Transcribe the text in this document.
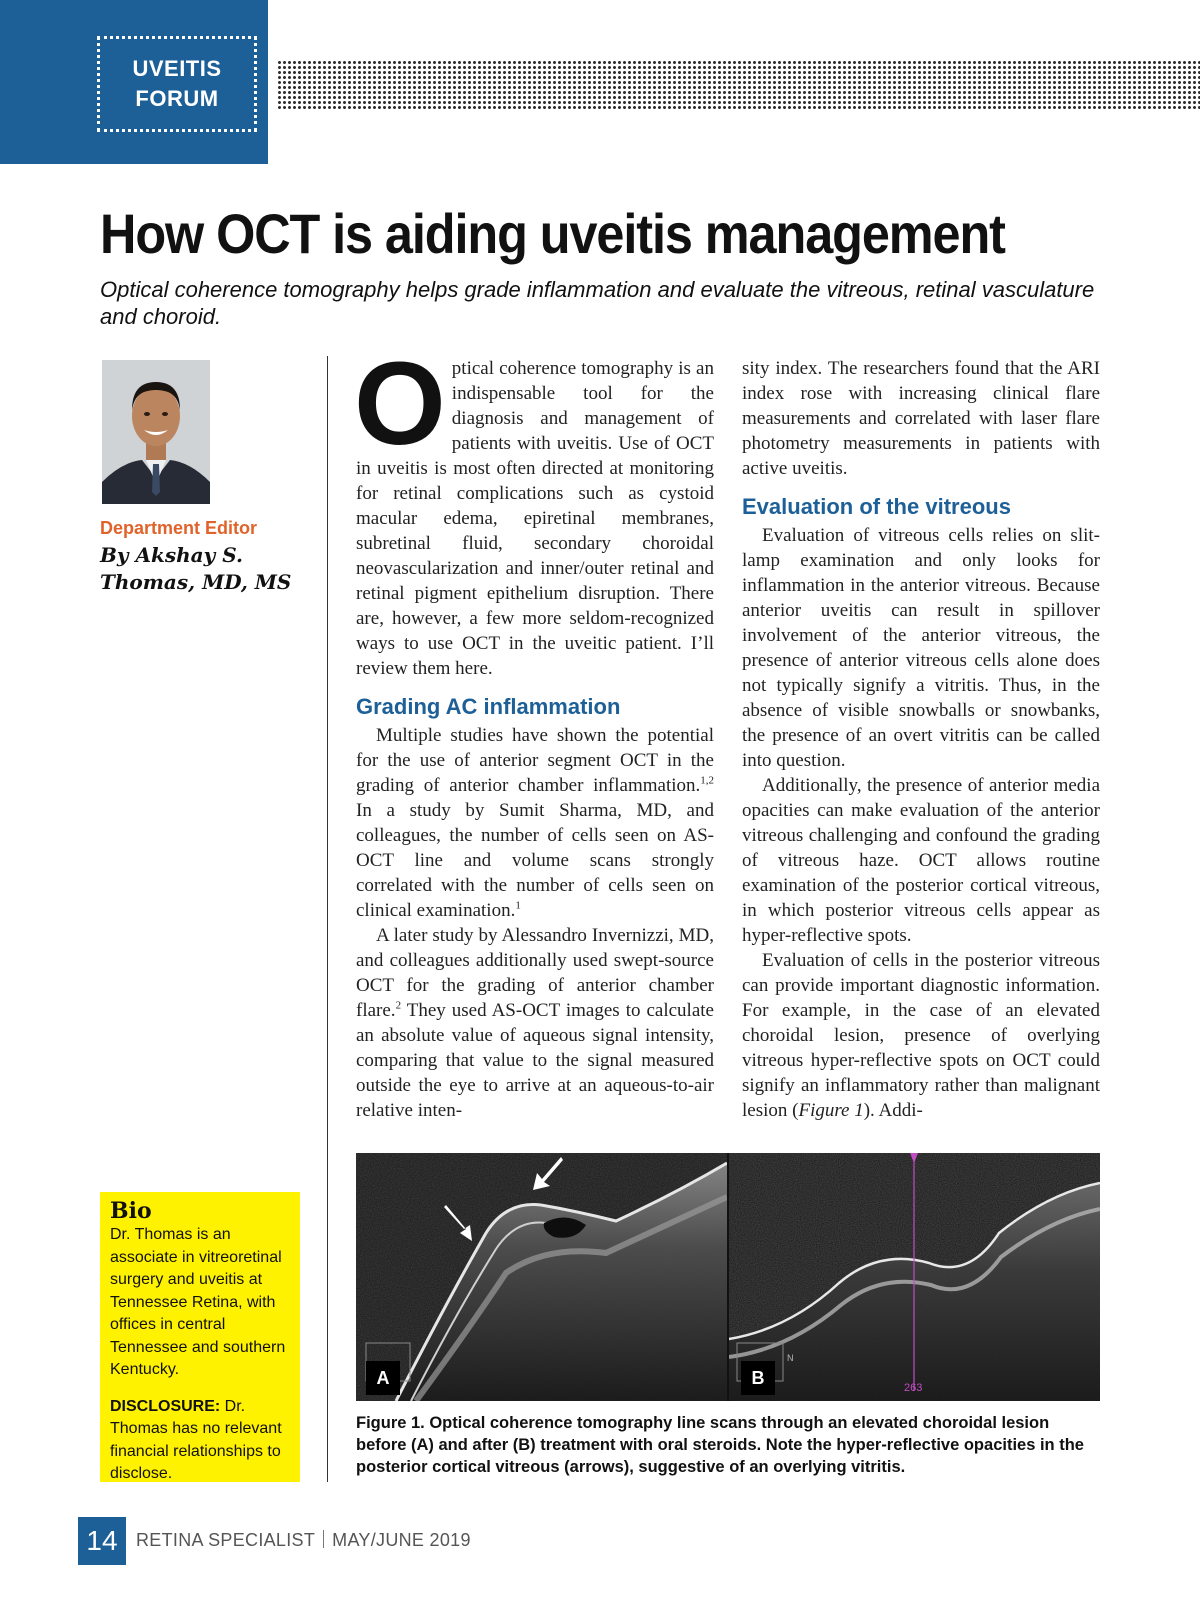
UVEITIS
FORUM
How OCT is aiding uveitis management
Optical coherence tomography helps grade inflammation and evaluate the vitreous, retinal vasculature and choroid.
Department Editor
By Akshay S.
Thomas, MD, MS

Optical coherence tomography is an indispensable tool for the diagnosis and management of patients with uveitis. Use of OCT in uveitis is most often directed at monitoring for retinal complications such as cystoid macular edema, epiretinal membranes, subretinal fluid, secondary choroidal neovascularization and inner/outer retinal and retinal pigment epithelium disruption. There are, however, a few more seldom-recognized ways to use OCT in the uveitic patient. I’ll review them here.

Grading AC inflammation

Multiple studies have shown the potential for the use of anterior segment OCT in the grading of anterior chamber inflammation.$^{1,2}$ In a study by Sumit Sharma, MD, and colleagues, the number of cells seen on AS-OCT line and volume scans strongly correlated with the number of cells seen on clinical examination.$^1$

A later study by Alessandro Invernizzi, MD, and colleagues additionally used swept-source OCT for the grading of anterior chamber flare.$^2$ They used AS-OCT images to calculate an absolute value of aqueous signal intensity, comparing that value to the signal measured outside the eye to arrive at an aqueous-to-air relative inten-

sity index. The researchers found that the ARI index rose with increasing clinical flare measurements and correlated with laser flare photometry measurements in patients with active uveitis.

Evaluation of the vitreous

Evaluation of vitreous cells relies on slit-lamp examination and only looks for inflammation in the anterior vitreous. Because anterior uveitis can result in spillover involvement of the anterior vitreous, the presence of anterior vitreous cells alone does not typically signify a vitritis. Thus, in the absence of visible snowballs or snowbanks, the presence of an overt vitritis can be called into question.

Additionally, the presence of anterior media opacities can make evaluation of the anterior vitreous challenging and confound the grading of vitreous haze. OCT allows routine examination of the posterior cortical vitreous, in which posterior vitreous cells appear as hyper-reflective spots.

Evaluation of cells in the posterior vitreous can provide important diagnostic information. For example, in the case of an elevated choroidal lesion, presence of overlying vitreous hyper-reflective spots on OCT could signify an inflammatory rather than malignant lesion (Figure 1). Addi-

Bio
Dr. Thomas is an associate in vitreoretinal surgery and uveitis at Tennessee Retina, with offices in central Tennessee and southern Kentucky.
DISCLOSURE: Dr. Thomas has no relevant financial relationships to disclose.
A	263
N
B
Figure 1. Optical coherence tomography line scans through an elevated choroidal lesion before (A) and after (B) treatment with oral steroids. Note the hyper-reflective opacities in the posterior cortical vitreous (arrows), suggestive of an overlying vitritis.
14	RETINA SPECIALIST MAY/JUNE 2019
